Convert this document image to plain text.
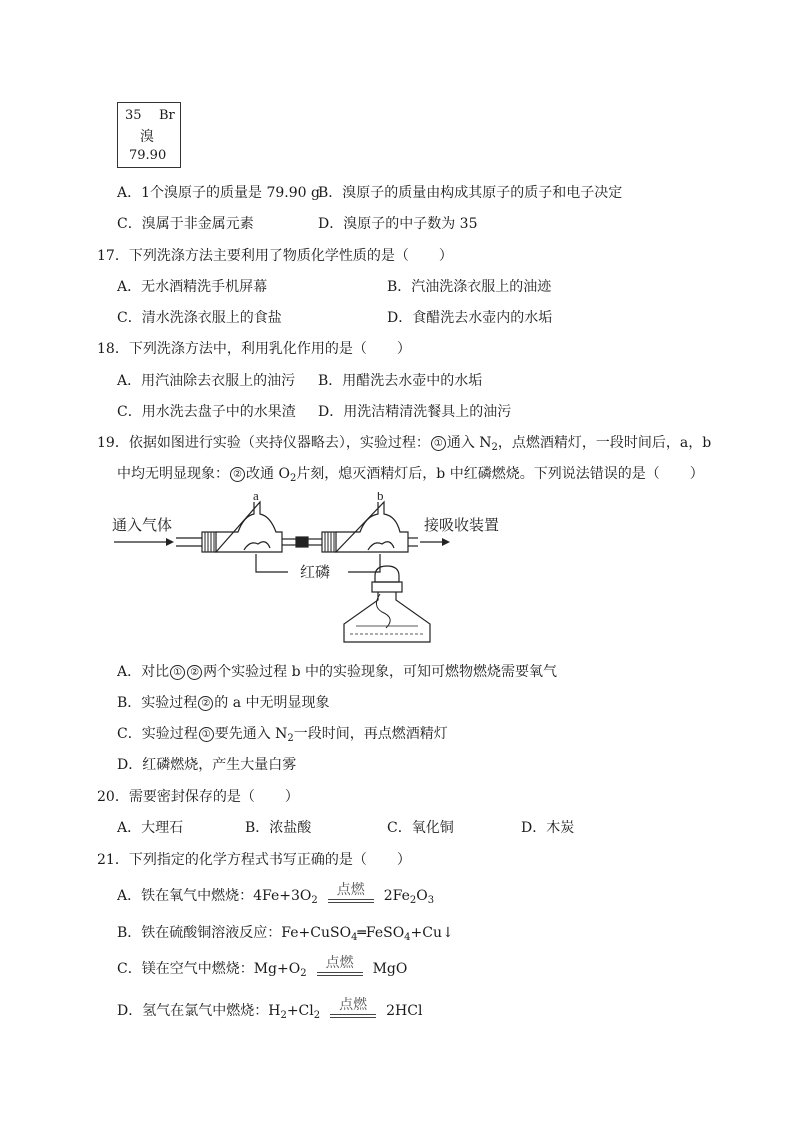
35 Br
溴
79.90
A．1个溴原子的质量是 79.90 g
B．溴原子的质量由构成其原子的质子和电子决定
C．溴属于非金属元素	D．溴原子的中子数为 35
17．下列洗涤方法主要利用了物质化学性质的是（ ）
A．无水酒精洗手机屏幕	B．汽油洗涤衣服上的油迹
C．清水洗涤衣服上的食盐	D．食醋洗去水壶内的水垢
18．下列洗涤方法中，利用乳化作用的是（ ）
A．用汽油除去衣服上的油污 B．用醋洗去水壶中的水垢
C．用水洗去盘子中的水果渣 D．用洗洁精清洗餐具上的油污
19．依据如图进行实验（夹持仪器略去），实验过程： ① 通入 $N_2$，点燃酒精灯，一段时间后，a，b
中均无明显现象： ② 改通 $O_2$片刻，熄灭酒精灯后，b 中红磷燃烧。下列说法错误的是（ ）
通入气体	接吸收装置
a	b
红磷
A．对比 ① ② 两个实验过程 b 中的实验现象，可知可燃物燃烧需要氧气
B．实验过程 ② 的 a 中无明显现象
C．实验过程 ① 要先通入 $N_2$一段时间，再点燃酒精灯
D．红磷燃烧，产生大量白雾
20．需要密封保存的是（ ）
A．大理石	B．浓盐酸	C．氧化铜	D．木炭
21．下列指定的化学方程式书写正确的是（ ）
A．铁在氧气中燃烧：$4Fe+3O_2$点燃 $2Fe_2O_3$
B．铁在硫酸铜溶液反应：Fe+CuSO$_4$═FeSO$_4$+Cu↓
C．镁在空气中燃烧：$Mg+O_2$点燃 MgO
D．氢气在氯气中燃烧：$H_2+Cl_2$点燃 2HCl
